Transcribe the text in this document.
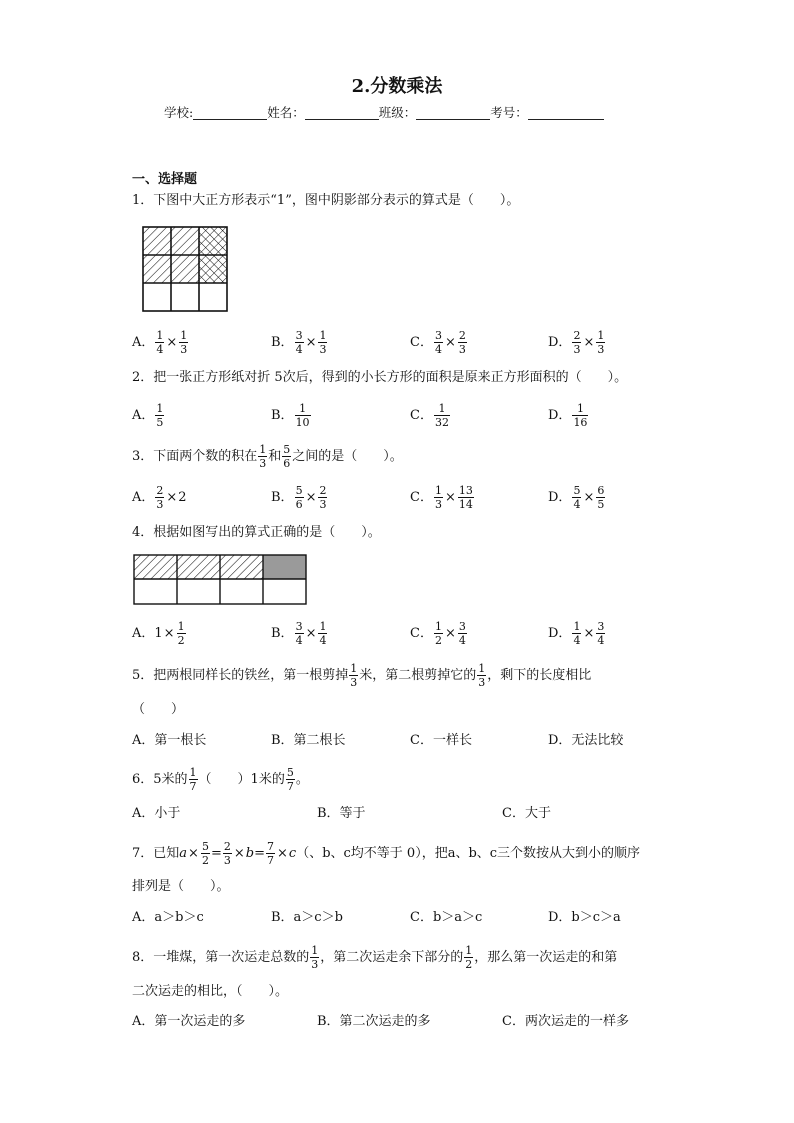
2.分数乘法
学校:	姓名：	班级：	考号：
一、选择题
1．下图中大正方形表示“1”，图中阴影部分表示的算式是（　　）。
A． $\frac{1}{4} \times \frac{1}{3}$	B． $\frac{3}{4} \times \frac{1}{3}$	C． $\frac{3}{4} \times \frac{2}{3}$	D． $\frac{2}{3} \times \frac{1}{3}$
2．把一张正方形纸对折 5次后，得到的小长方形的面积是原来正方形面积的（　　）。
A． $\frac{1}{5}$	B． $\frac{1}{10}$	C． $\frac{1}{32}$	D． $\frac{1}{16}$
3．下面两个数的积在 $\frac{1}{3}$ 和 $\frac{5}{6}$ 之间的是（　　）。
A． $\frac{2}{3} \times 2$	B． $\frac{5}{6} \times \frac{2}{3}$	C． $\frac{1}{3} \times \frac{13}{14}$	D． $\frac{5}{4} \times \frac{6}{5}$
4．根据如图写出的算式正确的是（　　）。
A．$1\times \frac{1}{2}$	B． $\frac{3}{4} \times \frac{1}{4}$	C． $\frac{1}{2} \times \frac{3}{4}$	D． $\frac{1}{4} \times \frac{3}{4}$
5．把两根同样长的铁丝，第一根剪掉 $\frac{1}{3}$ 米，第二根剪掉它的 $\frac{1}{3}$ ，剩下的长度相比
（　　）
A．第一根长	B．第二根长	C．一样长	D．无法比较
6．5米的 $\frac{1}{7}$ （　　）1米的 $\frac{5}{7}$ 。
A．小于	B．等于	C．大于
7．已知$a\times \frac{5}{2} = \frac{2}{3} \times b= \frac{7}{7} \times c$（、b、c均不等于 0），把a、b、c三个数按从大到小的顺序
排列是（　　）。
A．a＞b＞c	B．a＞c＞b	C．b＞a＞c	D．b＞c＞a
8．一堆煤，第一次运走总数的 $\frac{1}{3}$ ，第二次运走余下部分的 $\frac{1}{2}$ ，那么第一次运走的和第
二次运走的相比，（　　）。
A．第一次运走的多	B．第二次运走的多	C．两次运走的一样多
